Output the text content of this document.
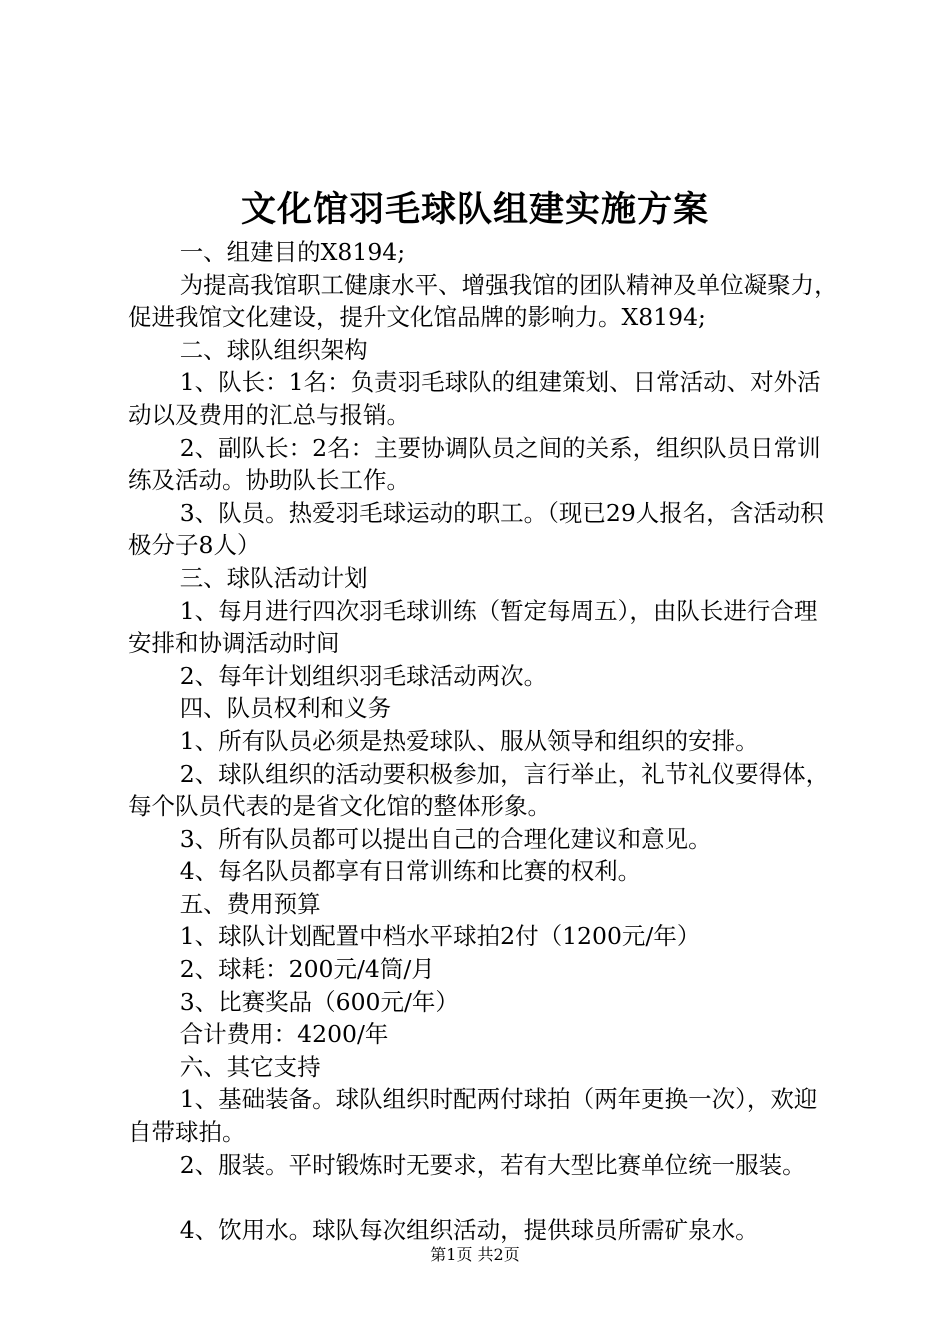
文化馆羽毛球队组建实施方案

一、组建目的X8194;

为提高我馆职工健康水平、增强我馆的团队精神及单位凝聚力，促进我馆文化建设，提升文化馆品牌的影响力。X8194;

二、球队组织架构

1、队长：1名：负责羽毛球队的组建策划、日常活动、对外活动以及费用的汇总与报销。

2、副队长：2名：主要协调队员之间的关系，组织队员日常训练及活动。协助队长工作。

3、队员。热爱羽毛球运动的职工。（现已29人报名，含活动积极分子8人）

三、球队活动计划

1、每月进行四次羽毛球训练（暂定每周五），由队长进行合理安排和协调活动时间

2、每年计划组织羽毛球活动两次。

四、队员权利和义务

1、所有队员必须是热爱球队、服从领导和组织的安排。

2、球队组织的活动要积极参加，言行举止，礼节礼仪要得体，每个队员代表的是省文化馆的整体形象。

3、所有队员都可以提出自己的合理化建议和意见。

4、每名队员都享有日常训练和比赛的权利。

五、费用预算

1、球队计划配置中档水平球拍2付（1200元/年）

2、球耗：200元/4筒/月

3、比赛奖品（600元/年）

合计费用：4200/年

六、其它支持

1、基础装备。球队组织时配两付球拍（两年更换一次），欢迎自带球拍。

2、服装。平时锻炼时无要求，若有大型比赛单位统一服装。

4、饮用水。球队每次组织活动，提供球员所需矿泉水。

第1页 共2页
